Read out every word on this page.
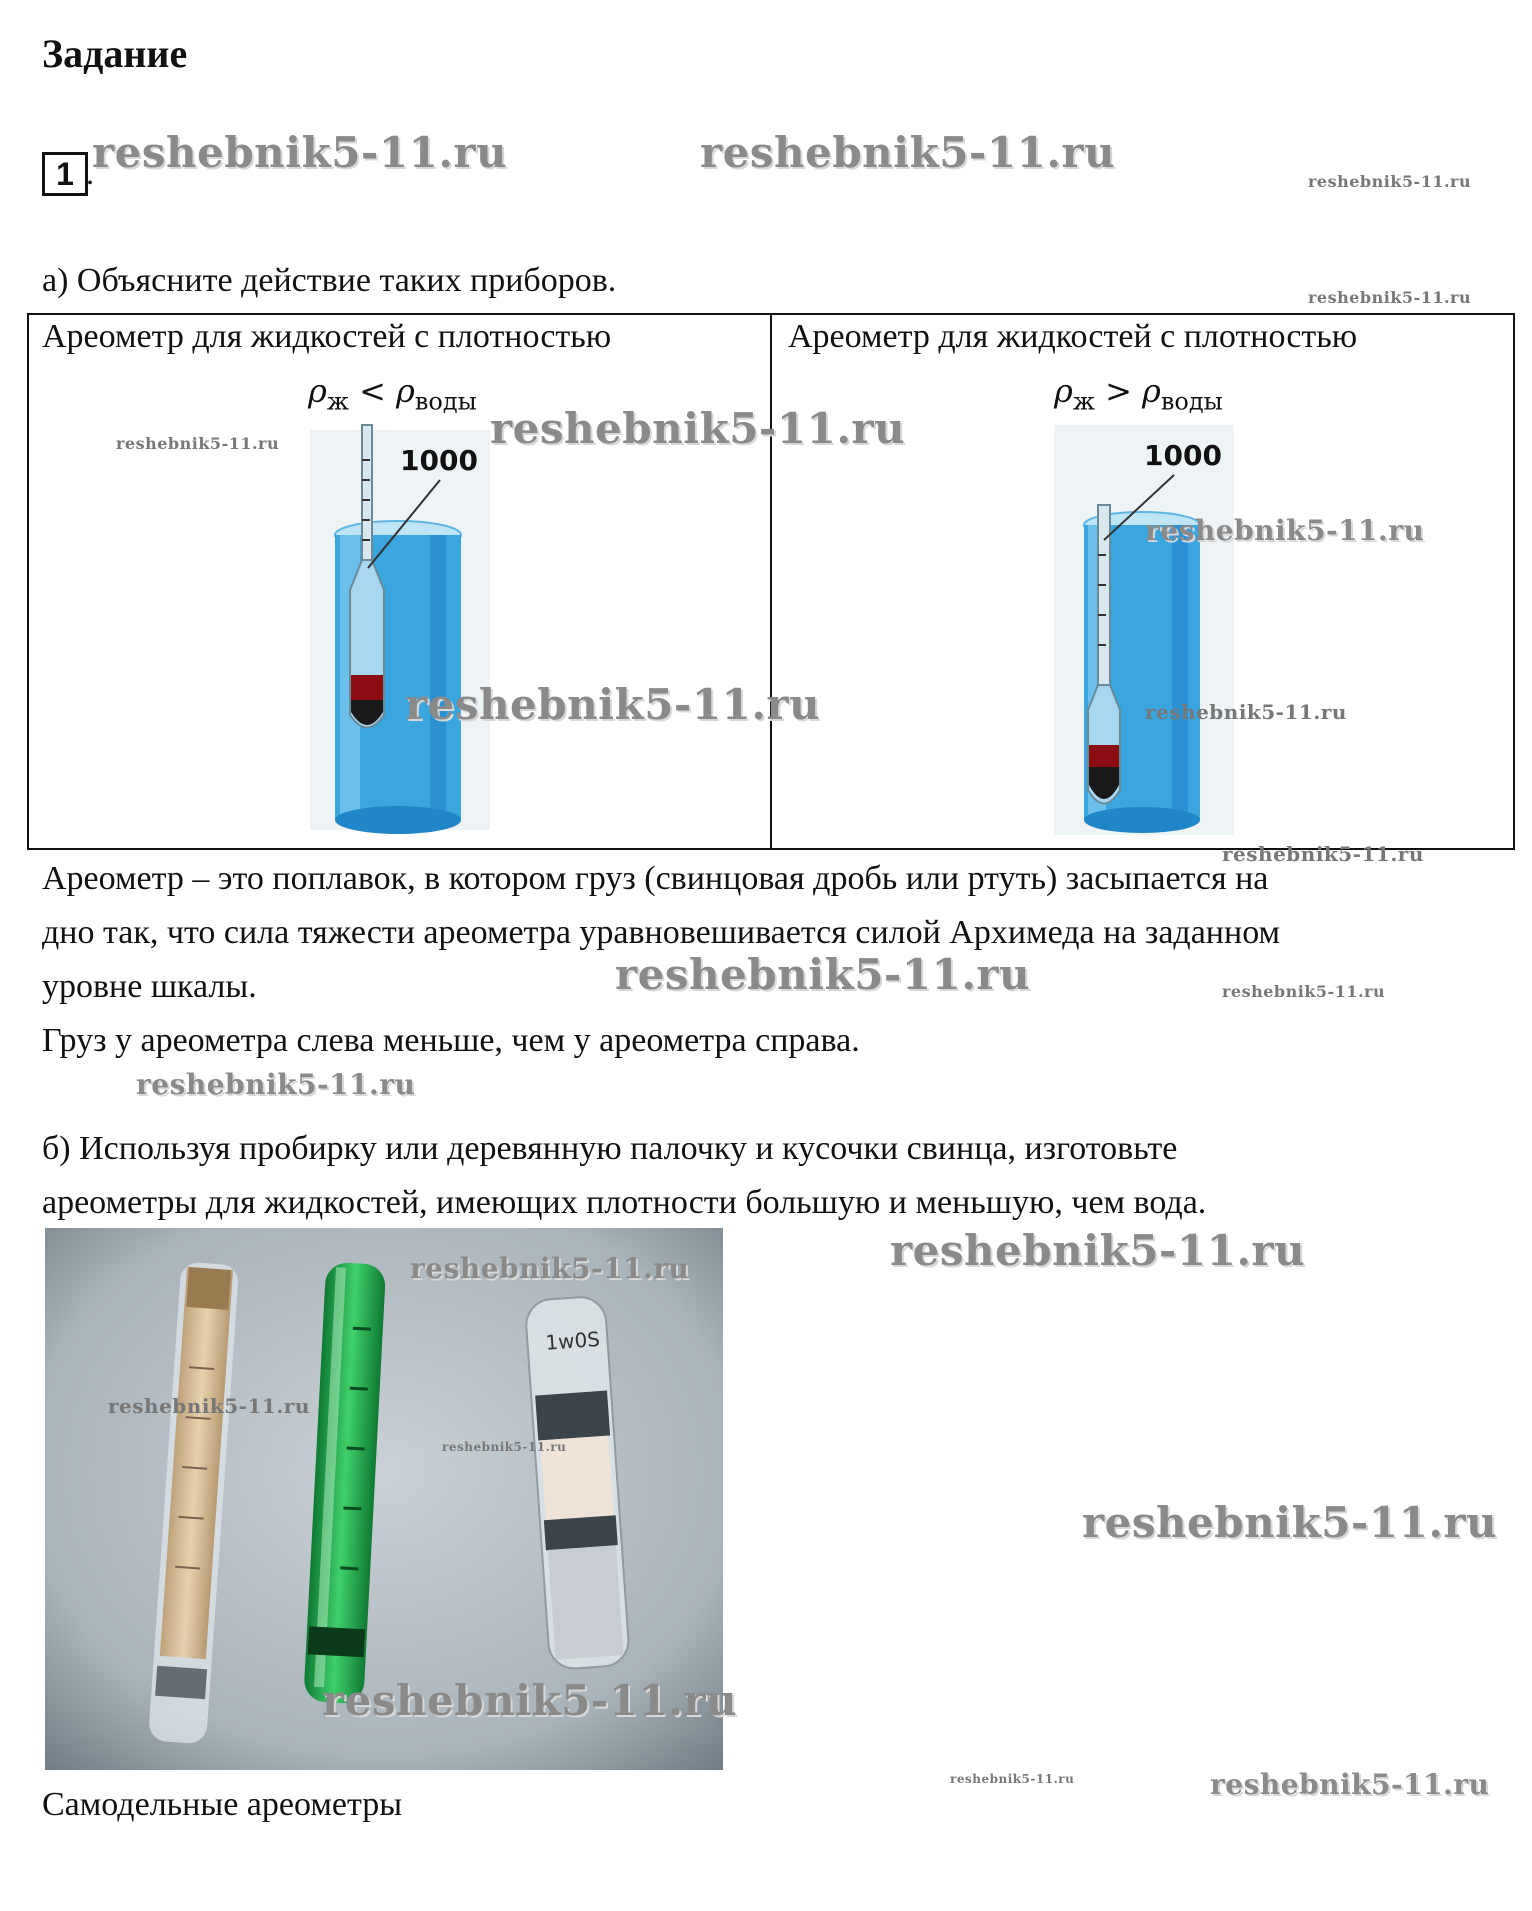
Задание
1 .
reshebnik5-11.ru	reshebnik5-11.ru
reshebnik5-11.ru
reshebnik5-11.ru
а) Объясните действие таких приборов.
Ареометр для жидкостей с плотностью
$\rho_ж < \rho_{воды}$
1000
Ареометр для жидкостей с плотностью
$\rho_ж > \rho_{воды}$
1000
reshebnik5-11.ru
reshebnik5-11.ru
reshebnik5-11.ru
reshebnik5-11.ru
reshebnik5-11.ru
reshebnik5-11.ru
Ареометр – это поплавок, в котором груз (свинцовая дробь или ртуть) засыпается на
дно так, что сила тяжести ареометра уравновешивается силой Архимеда на заданном
уровне шкалы.	reshebnik5-11.ru	reshebnik5-11.ru
Груз у ареометра слева меньше, чем у ареометра справа.
reshebnik5-11.ru
б) Используя пробирку или деревянную палочку и кусочки свинца, изготовьте
ареометры для жидкостей, имеющих плотности большую и меньшую, чем вода.
reshebnik5-11.ru
reshebnik5-11.ru
1w0S
reshebnik5-11.ru
reshebnik5-11.ru
reshebnik5-11.ru
reshebnik5-11.ru
Самодельные ареометры
reshebnik5-11.ru	reshebnik5-11.ru
